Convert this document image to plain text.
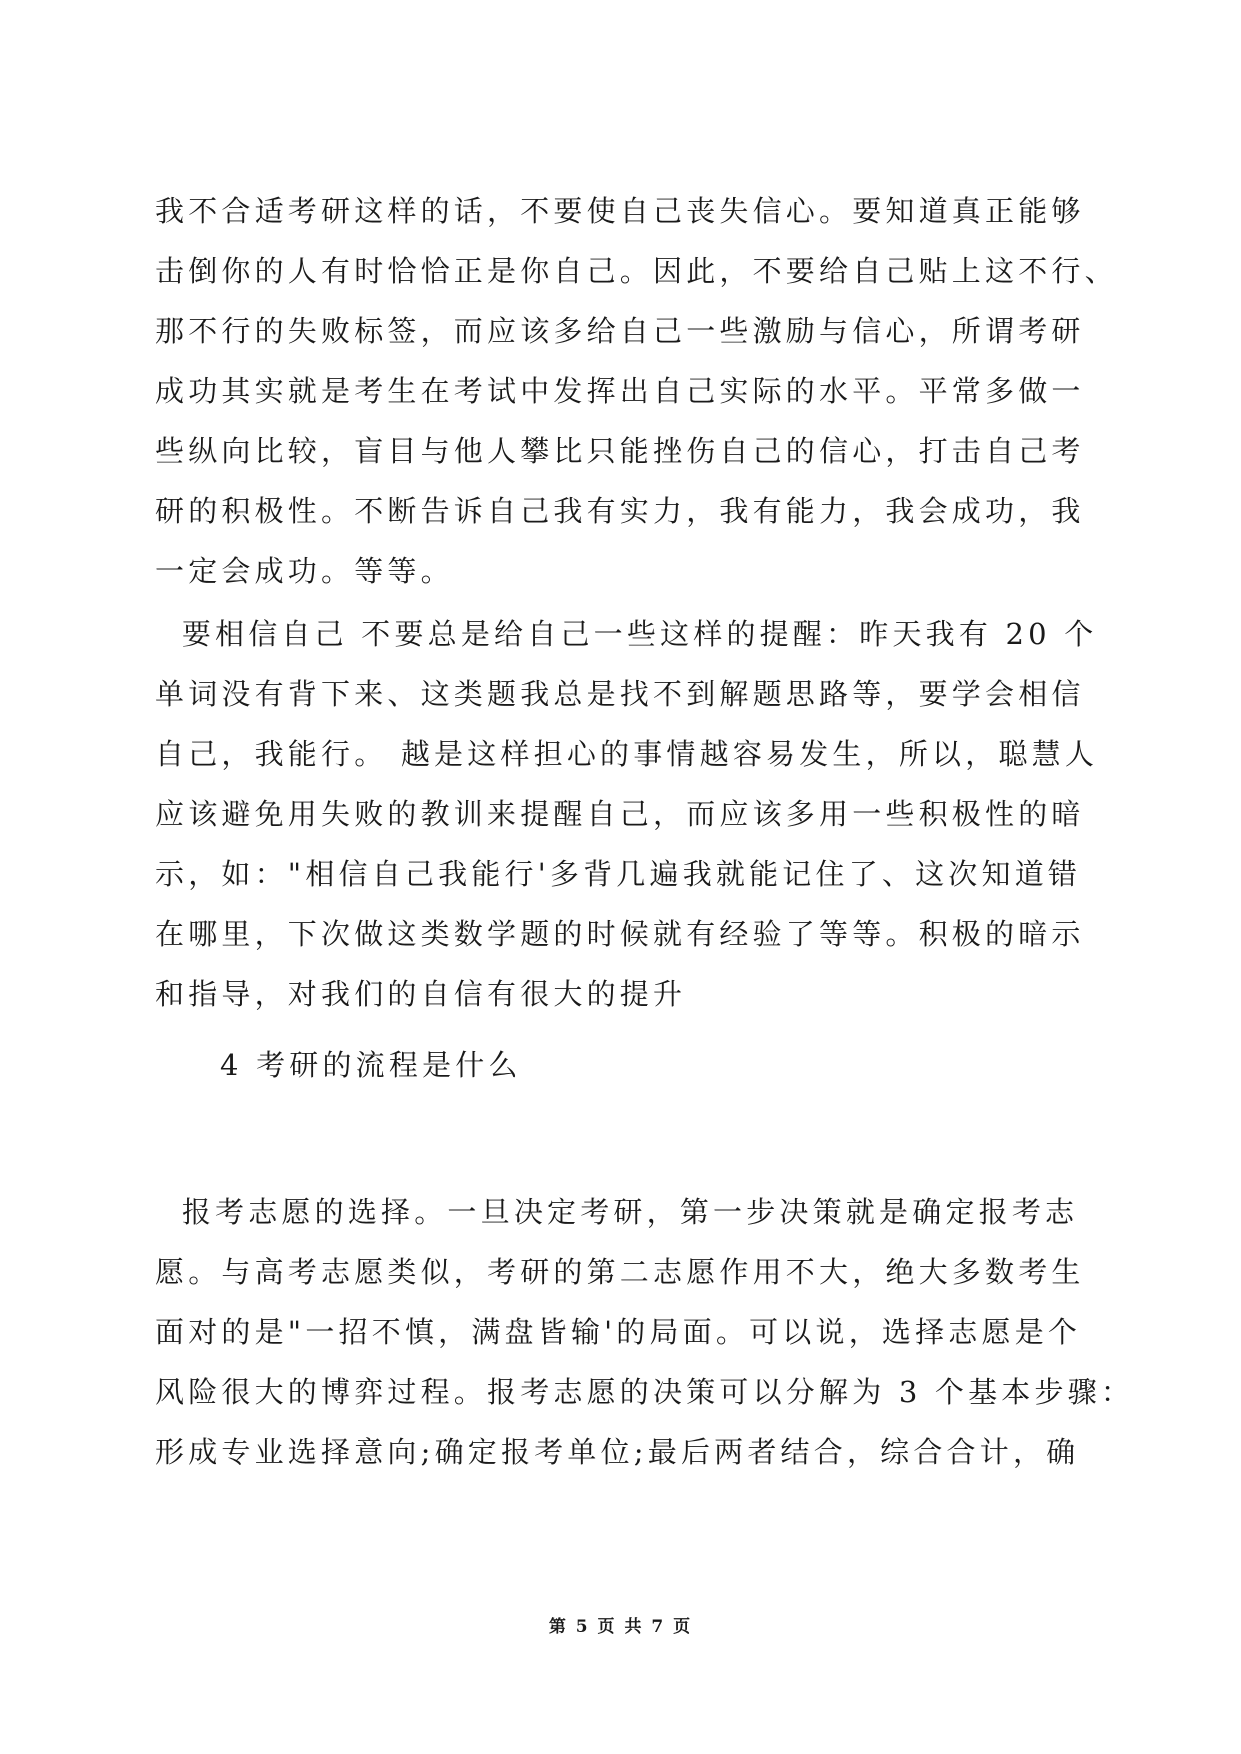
我不合适考研这样的话，不要使自己丧失信心。要知道真正能够
击倒你的人有时恰恰正是你自己。因此，不要给自己贴上这不行、
那不行的失败标签，而应该多给自己一些激励与信心，所谓考研
成功其实就是考生在考试中发挥出自己实际的水平。平常多做一
些纵向比较，盲目与他人攀比只能挫伤自己的信心，打击自己考
研的积极性。不断告诉自己我有实力，我有能力，我会成功，我
一定会成功。等等。
要相信自己 不要总是给自己一些这样的提醒：昨天我有 20 个
单词没有背下来、这类题我总是找不到解题思路等，要学会相信
自己，我能行。 越是这样担心的事情越容易发生，所以，聪慧人
应该避免用失败的教训来提醒自己，而应该多用一些积极性的暗
示，如："相信自己我能行'多背几遍我就能记住了、这次知道错
在哪里，下次做这类数学题的时候就有经验了等等。积极的暗示
和指导，对我们的自信有很大的提升
4 考研的流程是什么
报考志愿的选择。一旦决定考研，第一步决策就是确定报考志
愿。与高考志愿类似，考研的第二志愿作用不大，绝大多数考生
面对的是"一招不慎，满盘皆输'的局面。可以说，选择志愿是个
风险很大的博弈过程。报考志愿的决策可以分解为 3 个基本步骤：
形成专业选择意向;确定报考单位;最后两者结合，综合合计，确
第 5 页 共 7 页
